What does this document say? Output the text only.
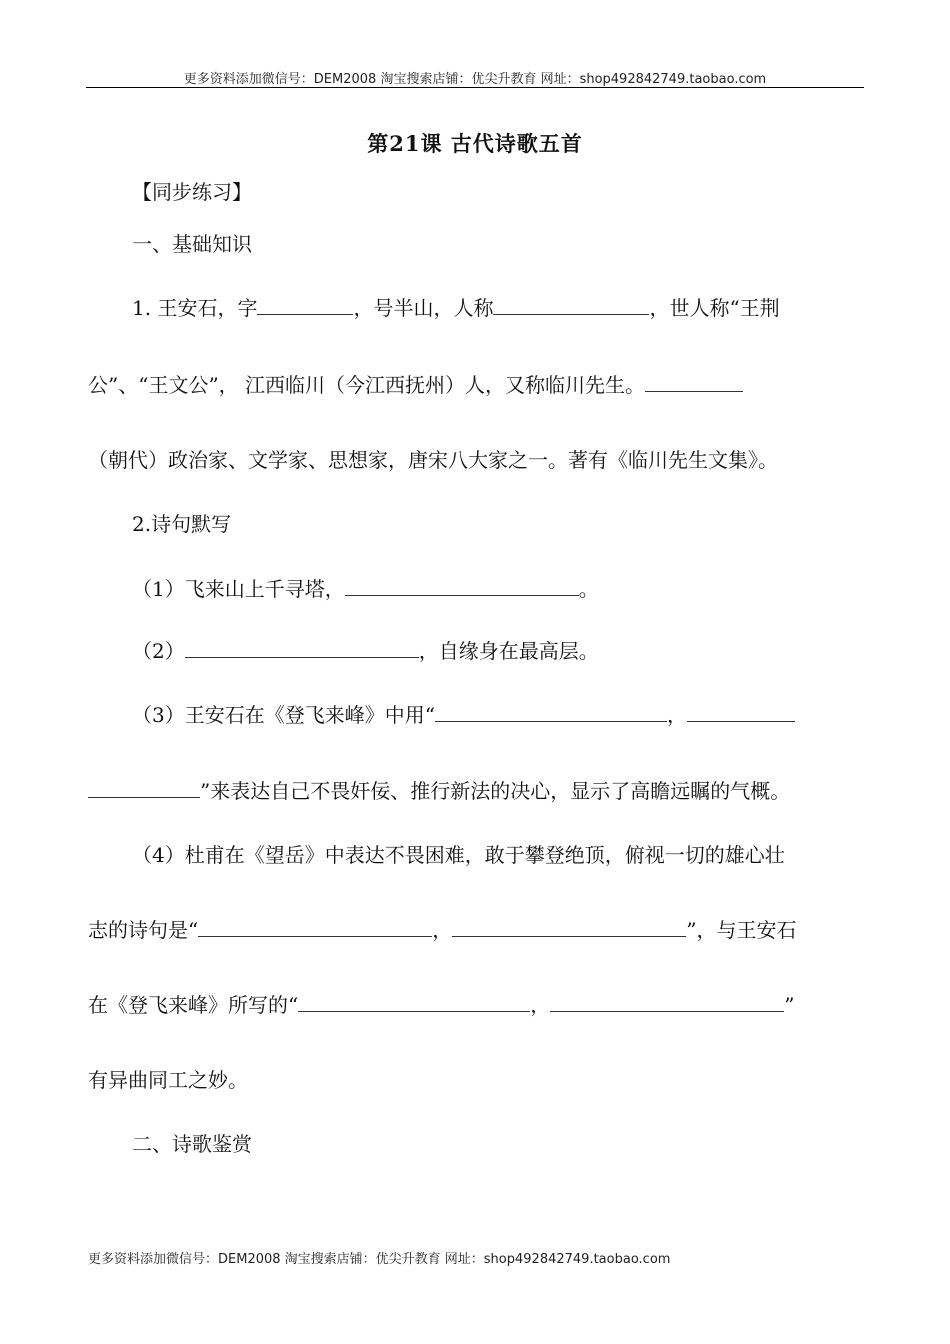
更多资料添加微信号：DEM2008 淘宝搜索店铺：优尖升教育 网址：shop492842749.taobao.com
第21课 古代诗歌五首
【同步练习】
一、基础知识
1. 王安石，字	，号半山，人称	，世人称“王荆
公”、“王文公”， 江西临川（今江西抚州）人，又称临川先生。
（朝代）政治家、文学家、思想家，唐宋八大家之一。著有《临川先生文集》。
2.诗句默写
（1）飞来山上千寻塔，	。
（2）	，自缘身在最高层。
（3）王安石在《登飞来峰》中用“	，
”来表达自己不畏奸佞、推行新法的决心，显示了高瞻远瞩的气概。
（4）杜甫在《望岳》中表达不畏困难，敢于攀登绝顶，俯视一切的雄心壮
志的诗句是“	，	”，与王安石
在《登飞来峰》所写的“	，	”
有异曲同工之妙。
二、诗歌鉴赏
更多资料添加微信号：DEM2008 淘宝搜索店铺：优尖升教育 网址：shop492842749.taobao.com
